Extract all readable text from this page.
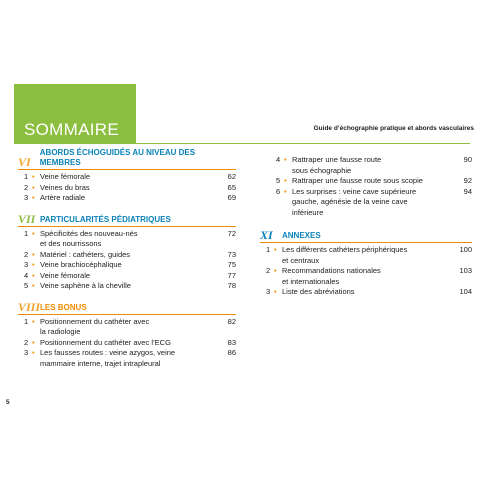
SOMMAIRE	Guide d’échographie pratique et abords vasculaires
VI
ABORDS ÉCHOGUIDÉS AU NIVEAU DES MEMBRES
1 • Veine fémorale	62
2 • Veines du bras	65
3 • Artère radiale	69
VII PARTICULARITÉS PÉDIATRIQUES
1 • Spécificités des nouveau-nés	72
et des nourrissons
2 • Matériel : cathéters, guides	73
3 • Veine brachiocéphalique	75
4 • Veine fémorale	77
5 • Veine saphène à la cheville	78
VIII LES BONUS
1 • Positionnement du cathéter avec	82
la radiologie
2 • Positionnement du cathéter avec l’ECG	83
3 • Les fausses routes : veine azygos, veine	86
mammaire interne, trajet intrapleural
4 • Rattraper une fausse route	90
sous échographie
5 • Rattraper une fausse route sous scopie	92
6 • Les surprises : veine cave supérieure	94
gauche, agénésie de la veine cave
inférieure
XI	ANNEXES
1 • Les différents cathéters périphériques	100
et centraux
2 • Recommandations nationales	103
et internationales
3 • Liste des abréviations	104
5
